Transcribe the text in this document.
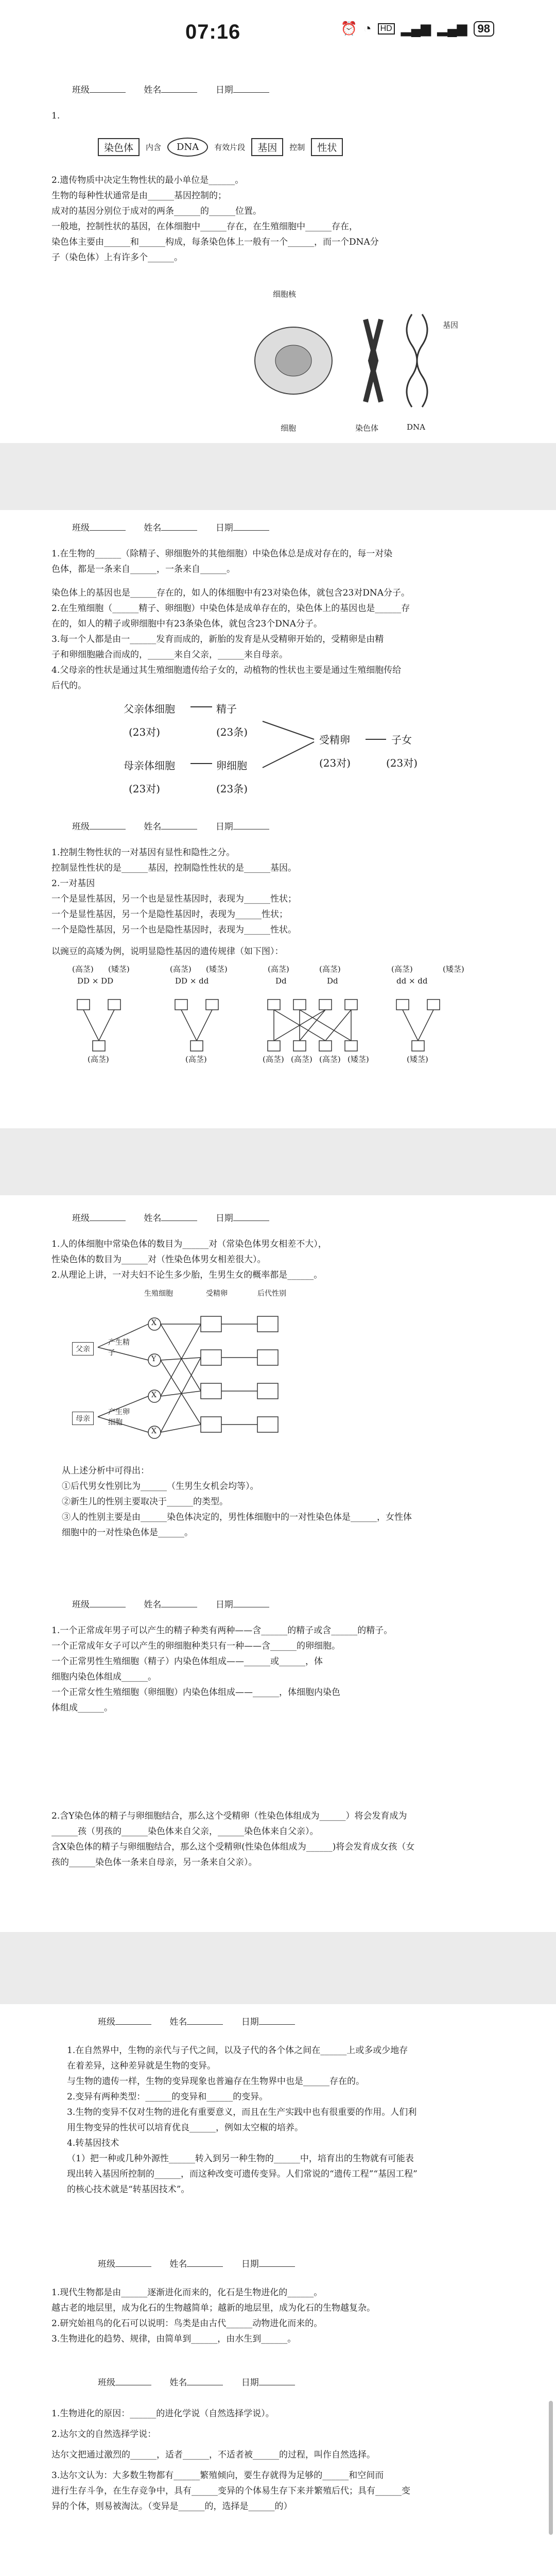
07:16	⏰ ◔	HD ▂▄▆ ▂▄▆ 98
班级	姓名	日期
1.
染色体	内含	DNA	有效片段	基因	控制	性状
2.遗传物质中决定生物性状的最小单位是______。
生物的每种性状通常是由______基因控制的；
成对的基因分别位于成对的两条______的______位置。
一般地，控制性状的基因，在体细胞中______存在，在生殖细胞中______存在，
染色体主要由______和______构成，每条染色体上一般有一个______，而一个DNA分
子（染色体）上有许多个______。
细胞核
基因
细胞	染色体	DNA
班级	姓名	日期
1.在生物的______（除精子、卵细胞外的其他细胞）中染色体总是成对存在的，每一对染
色体，都是一条来自______，一条来自______。
染色体上的基因也是______存在的，如人的体细胞中有23对染色体，就包含23对DNA分子。
2.在生殖细胞（______精子、卵细胞）中染色体是成单存在的，染色体上的基因也是______存
在的，如人的精子或卵细胞中有23条染色体，就包含23个DNA分子。
3.每一个人都是由一______发育而成的，新胎的发育是从受精卵开始的，受精卵是由精
子和卵细胞融合而成的，______来自父亲，______来自母亲。
4.父母亲的性状是通过其生殖细胞遗传给子女的，动植物的性状也主要是通过生殖细胞传给
后代的。
父亲体细胞	精子
(23对)	(23条)
母亲体细胞	卵细胞
(23对)	(23条)
受精卵
(23对)
子女
(23对)
班级	姓名	日期
1.控制生物性状的一对基因有显性和隐性之分。
控制显性性状的是______基因，控制隐性性状的是______基因。
2.一对基因
一个是显性基因，另一个也是显性基因时，表现为______性状；
一个是显性基因，另一个是隐性基因时，表现为______性状；
一个是隐性基因，另一个也是隐性基因时，表现为______性状。
以豌豆的高矮为例，说明显隐性基因的遗传规律（如下图）：
(高茎) (矮茎)	(高茎) (矮茎)	(高茎)	(高茎)	(高茎)	(矮茎)
DD × DD	DD × dd	Dd	Dd	dd × dd
(高茎)	(高茎)	(高茎) (高茎) (高茎) (矮茎)	(矮茎)
班级	姓名	日期
1.人的体细胞中常染色体的数目为______对（常染色体男女相差不大），
性染色体的数目为______对（性染色体男女相差很大）。
2.从理论上讲，一对夫妇不论生多少胎，生男生女的概率都是______。
生殖细胞	受精卵	后代性别
父亲
产生精子
母亲
产生卵细胞
X
Y
X
X
从上述分析中可得出：
①后代男女性别比为______（生男生女机会均等）。
②新生儿的性别主要取决于______的类型。
③人的性别主要是由______染色体决定的，男性体细胞中的一对性染色体是______，女性体
细胞中的一对性染色体是______。
班级	姓名	日期
1.一个正常成年男子可以产生的精子种类有两种——含______的精子或含______的精子。
一个正常成年女子可以产生的卵细胞种类只有一种——含______的卵细胞。
一个正常男性生殖细胞（精子）内染色体组成——______或______，体
细胞内染色体组成______。
一个正常女性生殖细胞（卵细胞）内染色体组成——______，体细胞内染色
体组成______。
2.含Y染色体的精子与卵细胞结合，那么这个受精卵（性染色体组成为______）将会发育成为
______孩（男孩的______染色体来自父亲，______染色体来自父亲）。
含X染色体的精子与卵细胞结合，那么这个受精卵(性染色体组成为______)将会发育成女孩（女
孩的______染色体一条来自母亲，另一条来自父亲）。
班级	姓名	日期
1.在自然界中，生物的亲代与子代之间，以及子代的各个体之间在______上或多或少地存
在着差异，这种差异就是生物的变异。
与生物的遗传一样，生物的变异现象也普遍存在生物界中也是______存在的。
2.变异有两种类型：______的变异和______的变异。
3.生物的变异不仅对生物的进化有重要意义，而且在生产实践中也有很重要的作用。人们利
用生物变异的性状可以培育优良______，例如太空椒的培养。
4.转基因技术
（1）把一种或几种外源性______转入到另一种生物的______中，培育出的生物就有可能表
现出转入基因所控制的______，而这种改变可遗传变异。人们常说的“遗传工程”“基因工程”
的核心技术就是“转基因技术”。
班级	姓名	日期
1.现代生物都是由______逐渐进化而来的，化石是生物进化的______。
越古老的地层里，成为化石的生物越简单；越新的地层里，成为化石的生物越复杂。
2.研究始祖鸟的化石可以说明：鸟类是由古代______动物进化而来的。
3.生物进化的趋势、规律，由简单到______，由水生到______。
班级	姓名	日期
1.生物进化的原因：______的进化学说（自然选择学说）。
2.达尔文的自然选择学说：
达尔文把通过激烈的______，适者______，不适者被______的过程，叫作自然选择。
3.达尔文认为：大多数生物都有______繁殖倾向，要生存就得为足够的______和空间而
进行生存斗争，在生存竞争中，具有______变异的个体易生存下来并繁殖后代；具有______变
异的个体，则易被淘汰。（变异是______的，选择是______的）
